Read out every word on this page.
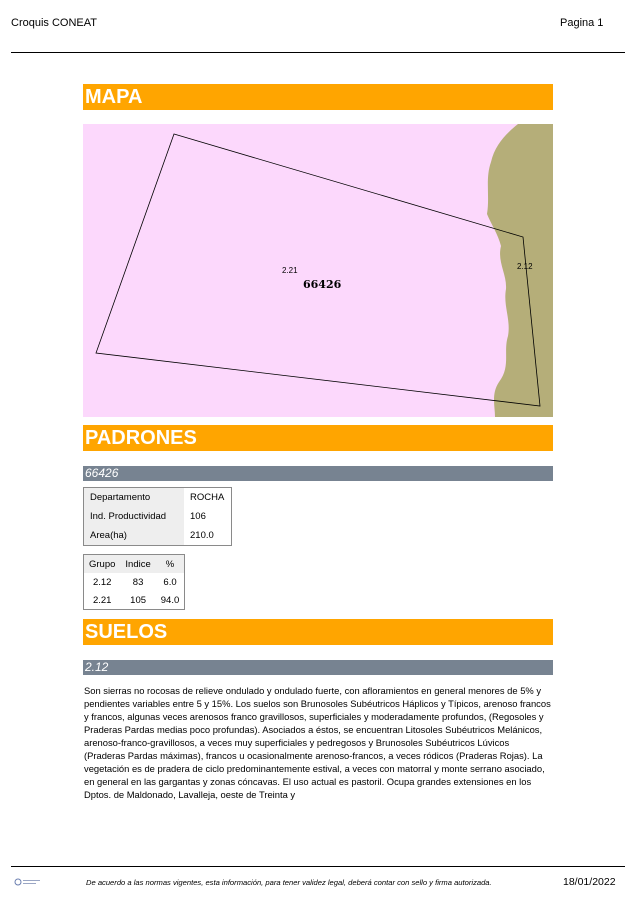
Croquis CONEAT	Pagina 1
MAPA
2.21	2.12
66426
PADRONES
66426
Departamento	ROCHA
Ind. Productividad	106
Area(ha)	210.0
Grupo	Indice	%
2.12	83	6.0
2.21	105	94.0
SUELOS
2.12

Son sierras no rocosas de relieve ondulado y ondulado fuerte, con afloramientos en general menores de 5% y pendientes variables entre 5 y 15%. Los suelos son Brunosoles Subéutricos Háplicos y Típicos, arenoso francos y francos, algunas veces arenosos franco gravillosos, superficiales y moderadamente profundos, (Regosoles y Praderas Pardas medias poco profundas). Asociados a éstos, se encuentran Litosoles Subéutricos Melánicos, arenoso-franco-gravillosos, a veces muy superficiales y pedregosos y Brunosoles Subéutricos Lúvicos (Praderas Pardas máximas), francos u ocasionalmente arenoso-francos, a veces ródicos (Praderas Rojas). La vegetación es de pradera de ciclo predominantemente estival, a veces con matorral y monte serrano asociado, en general en las gargantas y zonas cóncavas. El uso actual es pastoril. Ocupa grandes extensiones en los Dptos. de Maldonado, Lavalleja, oeste de Treinta y

De acuerdo a las normas vigentes, esta información, para tener validez legal, deberá contar con sello y firma autorizada.	18/01/2022
